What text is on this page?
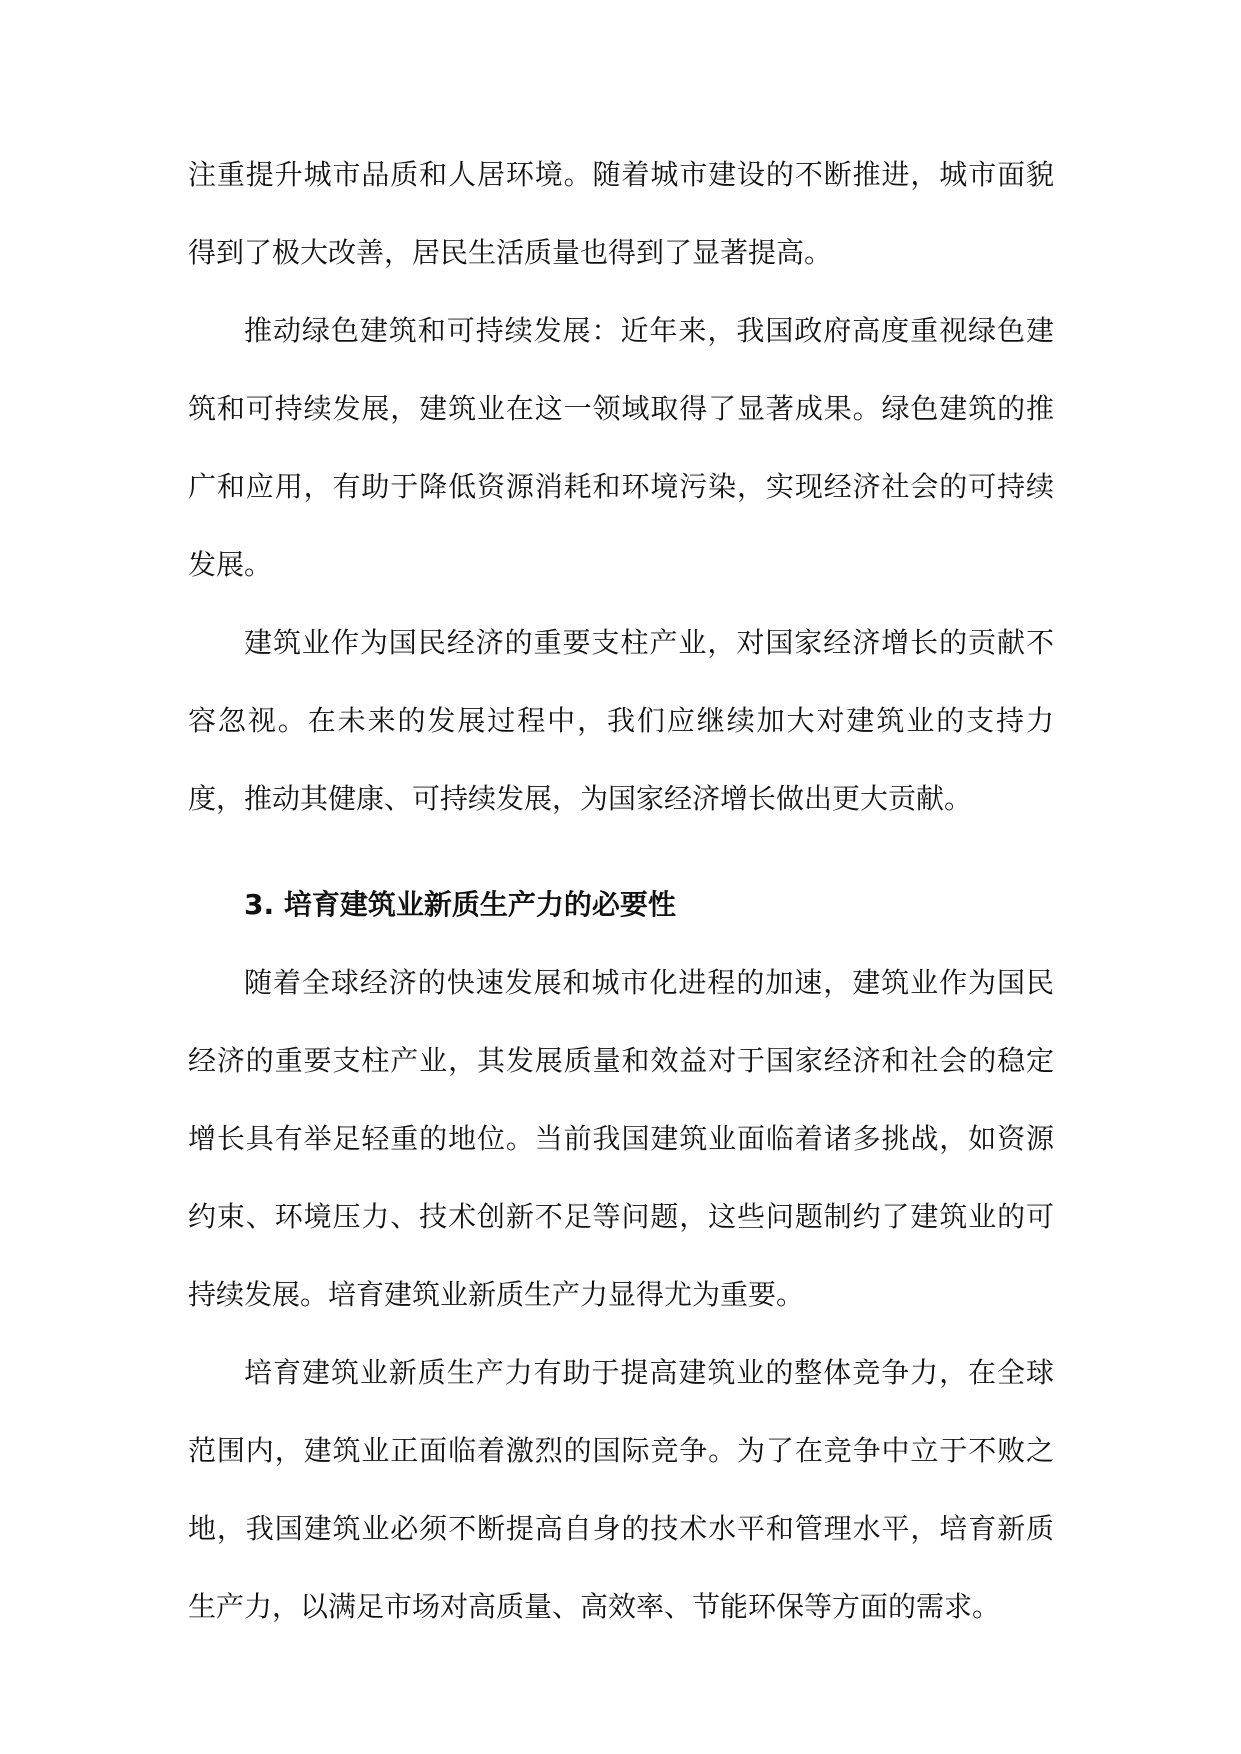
注重提升城市品质和人居环境。随着城市建设的不断推进，城市面貌得到了极大改善，居民生活质量也得到了显著提高。

推动绿色建筑和可持续发展：近年来，我国政府高度重视绿色建筑和可持续发展，建筑业在这一领域取得了显著成果。绿色建筑的推广和应用，有助于降低资源消耗和环境污染，实现经济社会的可持续发展。

建筑业作为国民经济的重要支柱产业，对国家经济增长的贡献不容忽视。在未来的发展过程中，我们应继续加大对建筑业的支持力度，推动其健康、可持续发展，为国家经济增长做出更大贡献。

3. 培育建筑业新质生产力的必要性

随着全球经济的快速发展和城市化进程的加速，建筑业作为国民经济的重要支柱产业，其发展质量和效益对于国家经济和社会的稳定增长具有举足轻重的地位。当前我国建筑业面临着诸多挑战，如资源约束、环境压力、技术创新不足等问题，这些问题制约了建筑业的可持续发展。培育建筑业新质生产力显得尤为重要。

培育建筑业新质生产力有助于提高建筑业的整体竞争力，在全球范围内，建筑业正面临着激烈的国际竞争。为了在竞争中立于不败之地，我国建筑业必须不断提高自身的技术水平和管理水平，培育新质生产力，以满足市场对高质量、高效率、节能环保等方面的需求。
